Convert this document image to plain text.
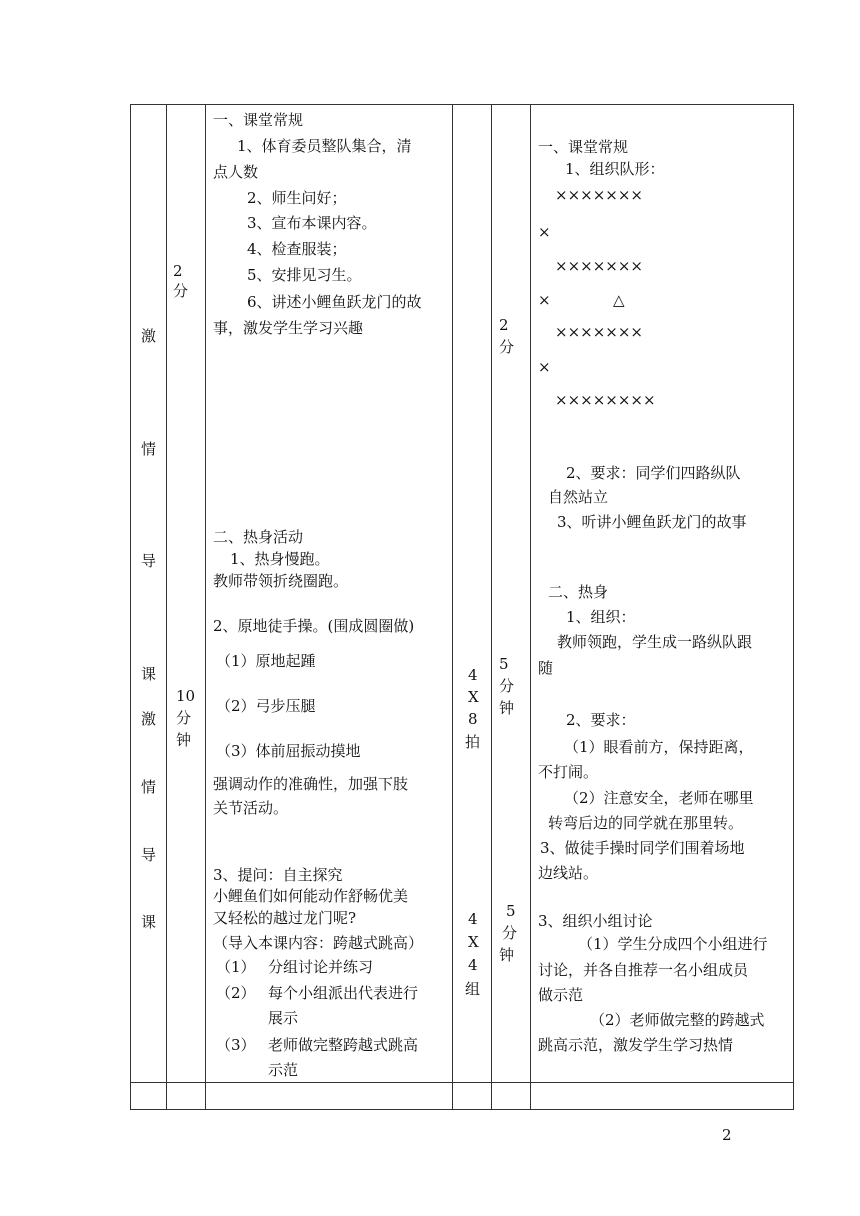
激
情
导
课
激
情
导
课
2
分
10
分
钟
一、课堂常规
1、体育委员整队集合，清
点人数
2、师生问好；
3、宣布本课内容。
4、检查服装；
5、安排见习生。
6、讲述小鲤鱼跃龙门的故
事，激发学生学习兴趣
二、热身活动
1、热身慢跑。
教师带领折绕圈跑。
2、原地徒手操。(围成圆圈做)
（1）原地起踵
（2）弓步压腿
（3）体前屈振动摸地
强调动作的准确性，加强下肢
关节活动。
3、提问：自主探究
小鲤鱼们如何能动作舒畅优美
又轻松的越过龙门呢?
（导入本课内容：跨越式跳高）
（1） 分组讨论并练习
（2） 每个小组派出代表进行
展示
（3） 老师做完整跨越式跳高
示范
4
X
8
拍
4
X
4
组
2
分
5
分
钟
5
分
钟
一、课堂常规
1、组织队形：
×××××××
×
×××××××
×	△
×××××××
×
××××××××
2、要求：同学们四路纵队
自然站立
3、听讲小鲤鱼跃龙门的故事
二、热身
1、组织：
教师领跑，学生成一路纵队跟
随
2、要求：
（1）眼看前方，保持距离，
不打闹。
（2）注意安全，老师在哪里
转弯后边的同学就在那里转。
3、做徒手操时同学们围着场地
边线站。
3、组织小组讨论
（1）学生分成四个小组进行
讨论，并各自推荐一名小组成员
做示范
（2）老师做完整的跨越式
跳高示范，激发学生学习热情
2
